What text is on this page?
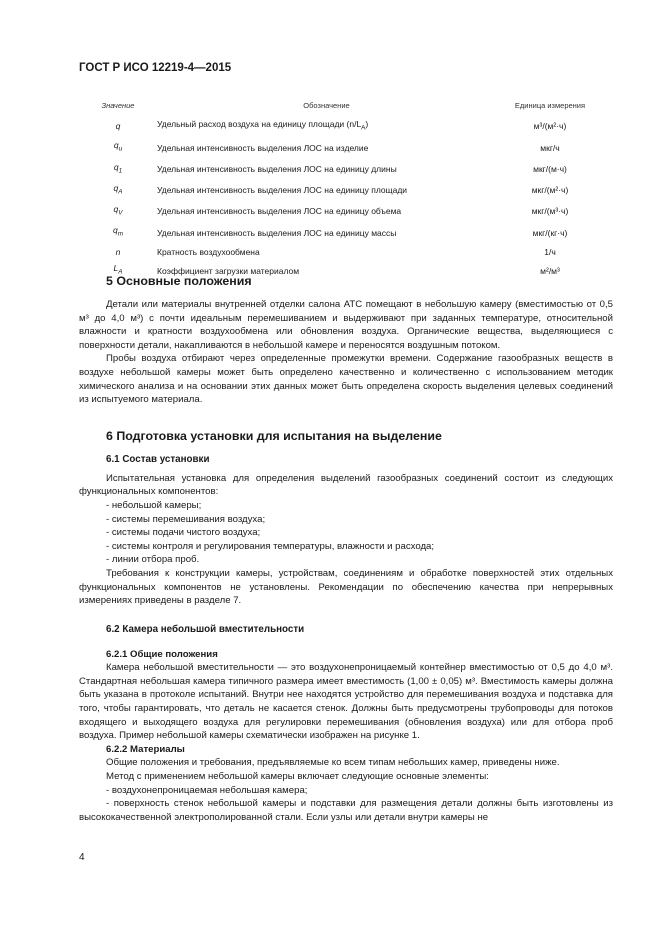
ГОСТ Р ИСО 12219-4—2015
Значение	Обозначение	Единица измерения
q	Удельный расход воздуха на единицу площади $(n/L_A)$	м³/(м²·ч)
$q_u$	Удельная интенсивность выделения ЛОС на изделие	мкг/ч
$q_1$	Удельная интенсивность выделения ЛОС на единицу длины	мкг/(м·ч)
$q_A$	Удельная интенсивность выделения ЛОС на единицу площади	мкг/(м²·ч)
$q_V$	Удельная интенсивность выделения ЛОС на единицу объема	мкг/(м³·ч)
$q_m$	Удельная интенсивность выделения ЛОС на единицу массы	мкг/(кг·ч)
n	Кратность воздухообмена	1/ч
$L_A$	Коэффициент загрузки материалом	м²/м³
5 Основные положения

Детали или материалы внутренней отделки салона АТС помещают в небольшую камеру (вместимостью от 0,5 м³ до 4,0 м³) с почти идеальным перемешиванием и выдерживают при заданных температуре, относительной влажности и кратности воздухообмена или обновления воздуха. Органические вещества, выделяющиеся с поверхности детали, накапливаются в небольшой камере и переносятся воздушным потоком.

Пробы воздуха отбирают через определенные промежутки времени. Содержание газообразных веществ в воздухе небольшой камеры может быть определено качественно и количественно с использованием методик химического анализа и на основании этих данных может быть определена скорость выделения целевых соединений из испытуемого материала.

6 Подготовка установки для испытания на выделение
6.1 Состав установки

Испытательная установка для определения выделений газообразных соединений состоит из следующих функциональных компонентов:

- небольшой камеры;

- системы перемешивания воздуха;

- системы подачи чистого воздуха;

- системы контроля и регулирования температуры, влажности и расхода;

- линии отбора проб.

Требования к конструкции камеры, устройствам, соединениям и обработке поверхностей этих отдельных функциональных компонентов не установлены. Рекомендации по обеспечению качества при непрерывных измерениях приведены в разделе 7.

6.2 Камера небольшой вместительности
6.2.1 Общие положения

Камера небольшой вместительности — это воздухонепроницаемый контейнер вместимостью от 0,5 до 4,0 м³. Стандартная небольшая камера типичного размера имеет вместимость (1,00 ± 0,05) м³. Вместимость камеры должна быть указана в протоколе испытаний. Внутри нее находятся устройство для перемешивания воздуха и подставка для того, чтобы гарантировать, что деталь не касается стенок. Должны быть предусмотрены трубопроводы для потоков входящего и выходящего воздуха для регулировки перемешивания (обновления воздуха) или для отбора проб воздуха. Пример небольшой камеры схематически изображен на рисунке 1.

6.2.2 Материалы

Общие положения и требования, предъявляемые ко всем типам небольших камер, приведены ниже.

Метод с применением небольшой камеры включает следующие основные элементы:

- воздухонепроницаемая небольшая камера;

- поверхность стенок небольшой камеры и подставки для размещения детали должны быть изготовлены из высококачественной электрополированной стали. Если узлы или детали внутри камеры не

4
